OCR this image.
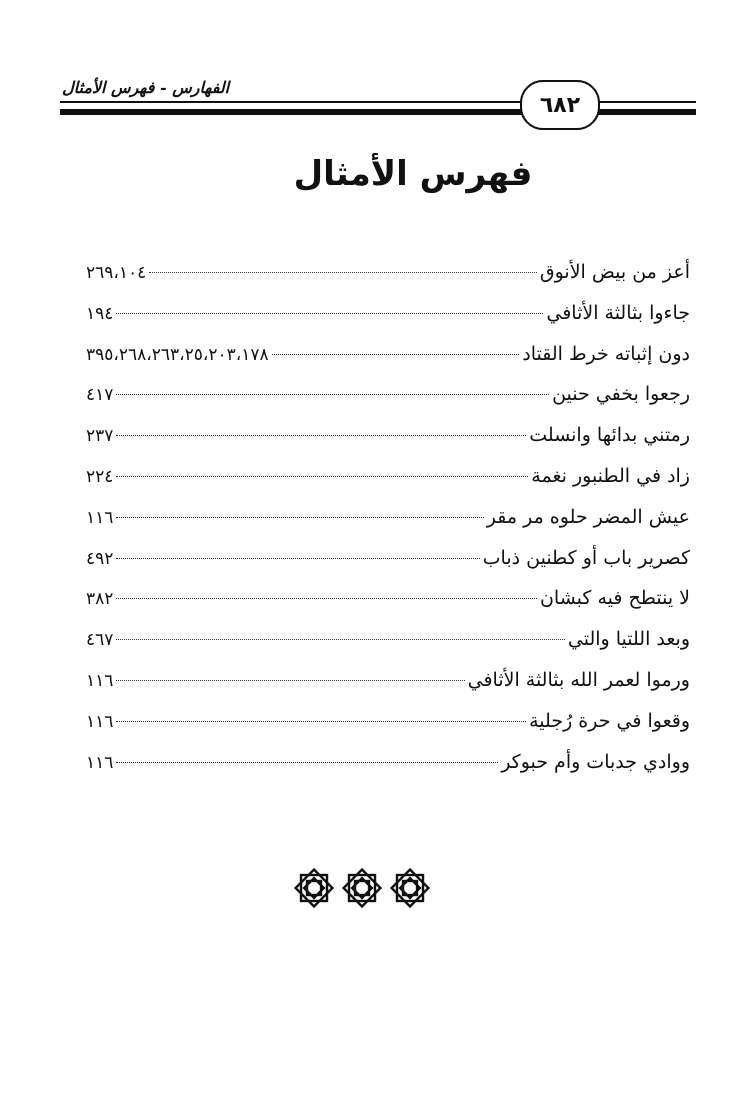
الفهارس - فهرس الأمثال
٦٨٢
فهرس الأمثال
أعز من بيض الأنوق
٢٦٩،١٠٤
جاءوا بثالثة الأثافي
١٩٤
دون إثباته خرط القتاد
٣٩٥،٢٦٨،٢٦٣،٢٥،٢٠٣،١٧٨
رجعوا بخفي حنين
٤١٧
رمتني بدائها وانسلت
٢٣٧
زاد في الطنبور نغمة
٢٢٤
عيش المضر حلوه مر مقر
١١٦
كصرير باب أو كطنين ذباب
٤٩٢
لا ينتطح فيه كبشان
٣٨٢
وبعد اللتيا والتي
٤٦٧
ورموا لعمر الله بثالثة الأثافي
١١٦
وقعوا في حرة رُجلية
١١٦
ووادي جدبات وأم حبوكر
١١٦
